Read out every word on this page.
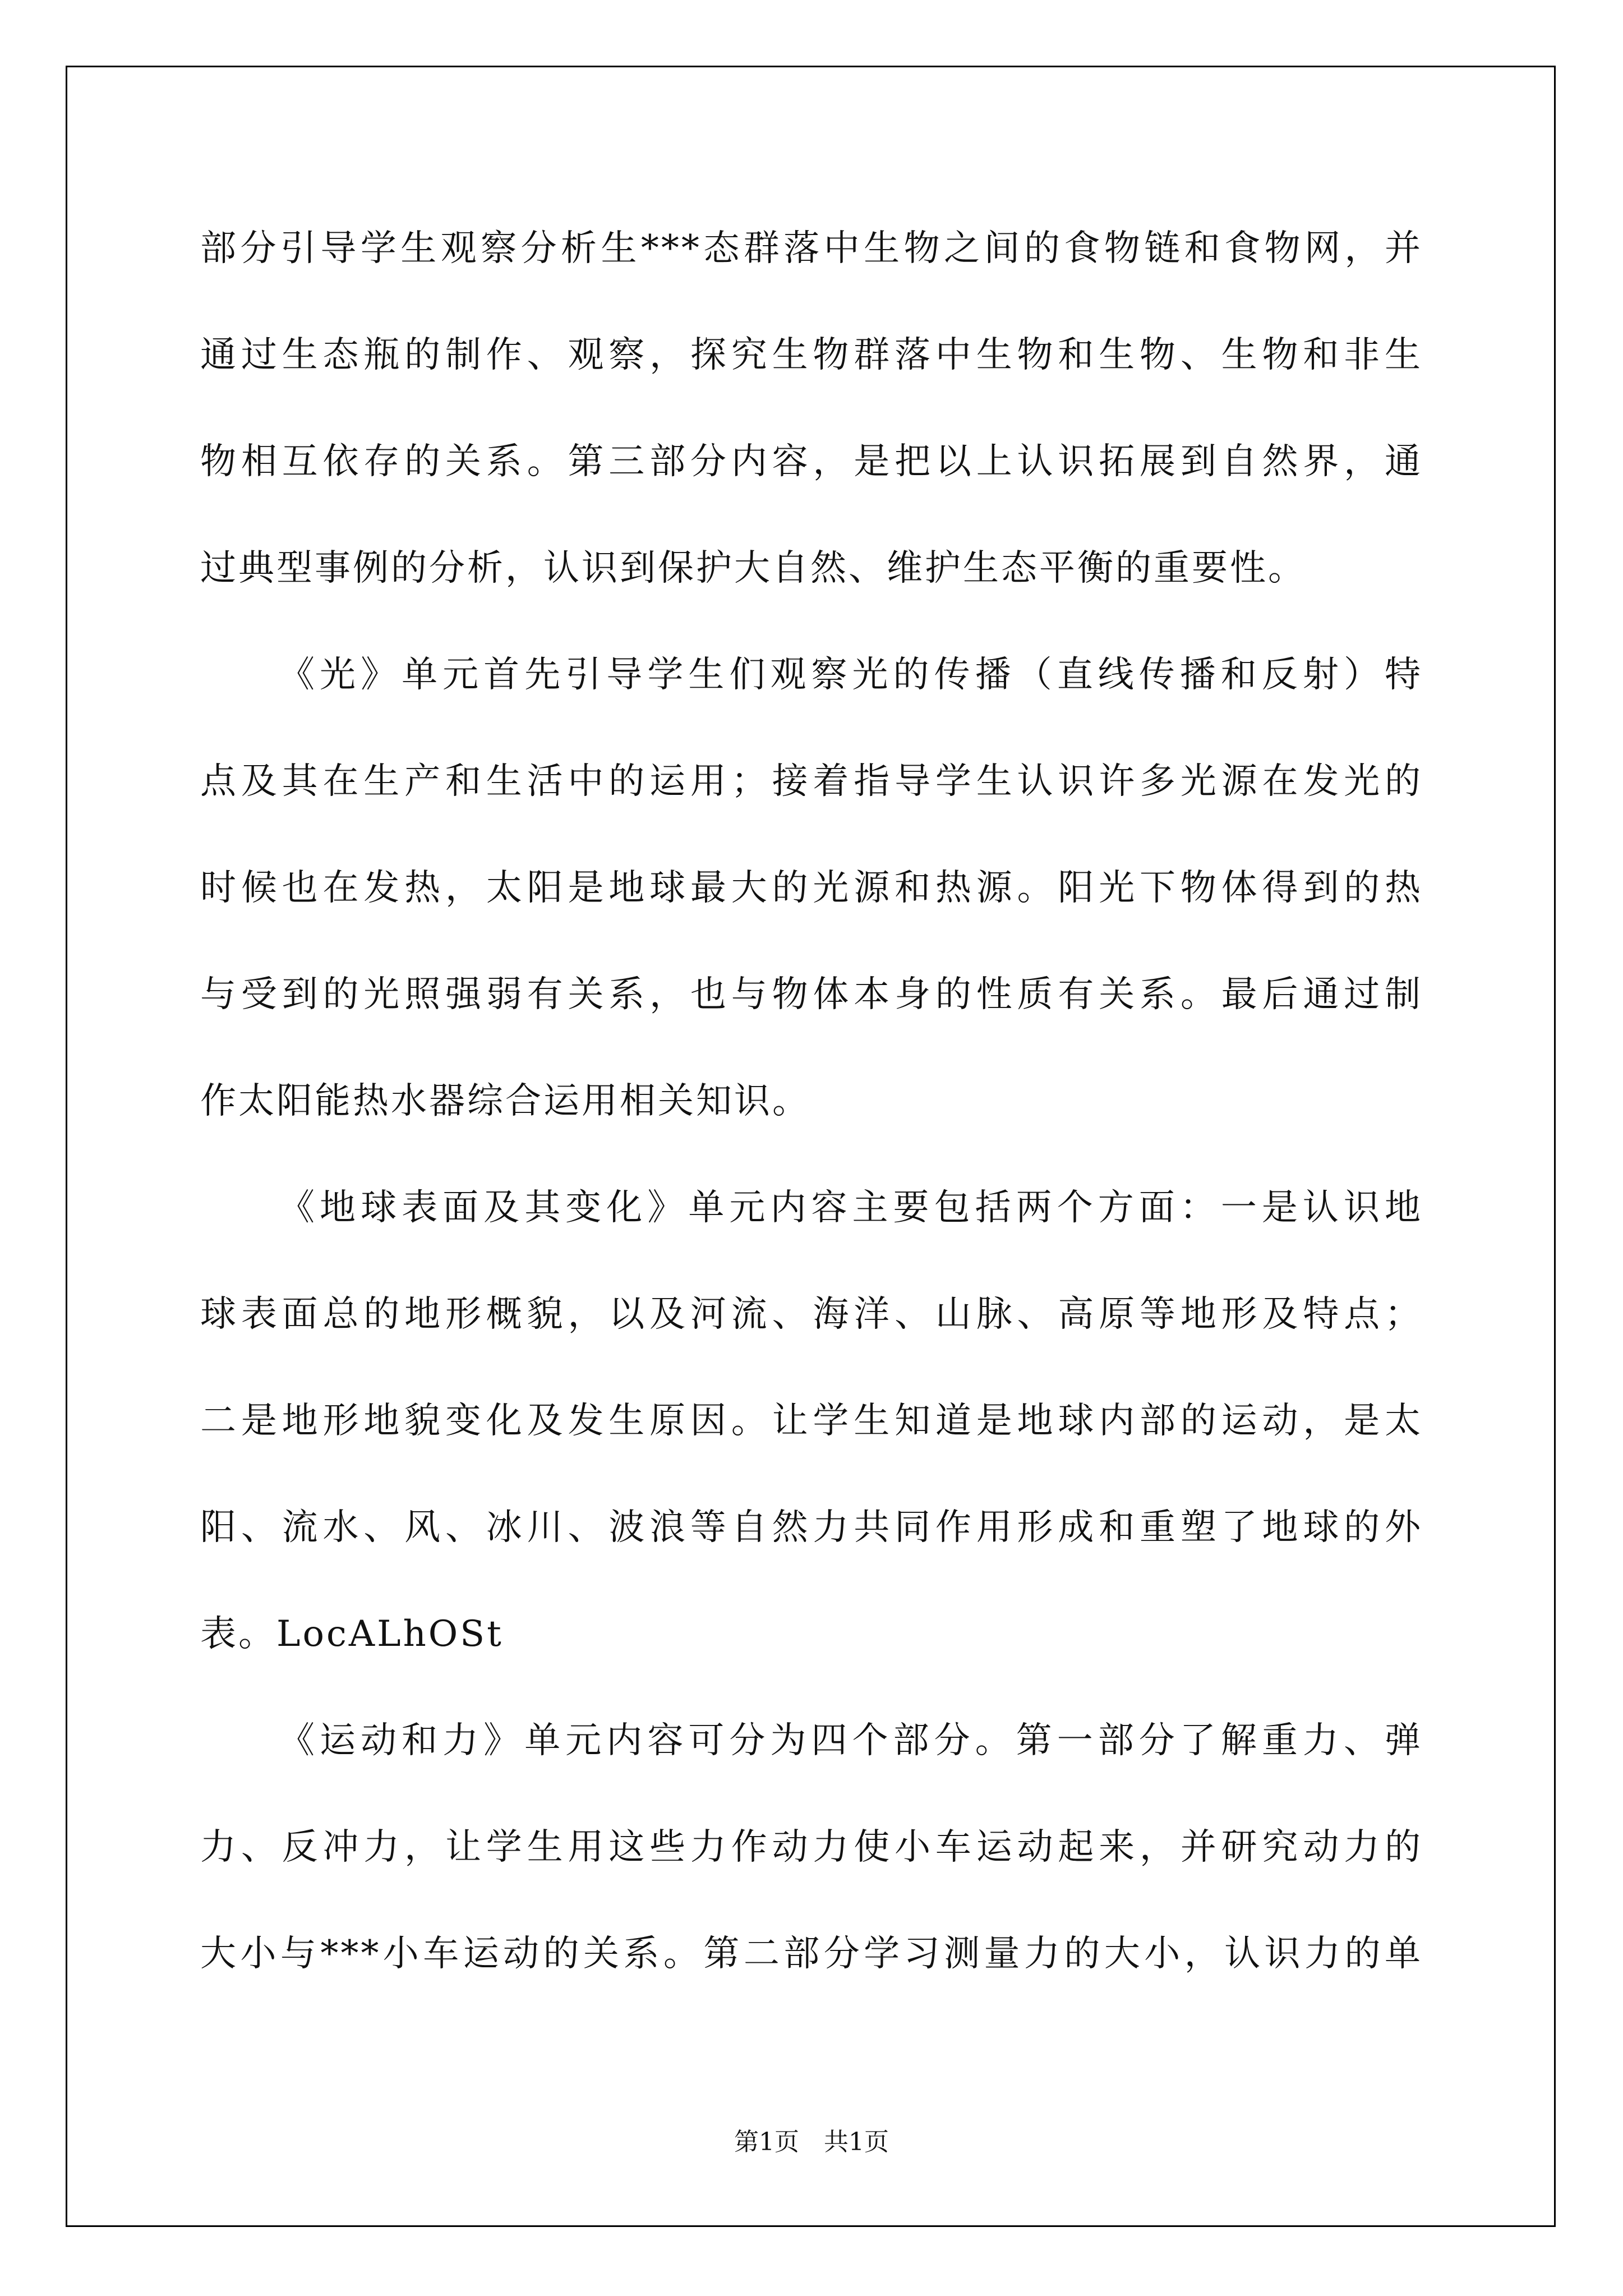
部分引导学生观察分析生***态群落中生物之间的食物链和食物网，并
通过生态瓶的制作、观察，探究生物群落中生物和生物、生物和非生
物相互依存的关系。第三部分内容，是把以上认识拓展到自然界，通
过典型事例的分析，认识到保护大自然、维护生态平衡的重要性。
《光》单元首先引导学生们观察光的传播（直线传播和反射）特
点及其在生产和生活中的运用；接着指导学生认识许多光源在发光的
时候也在发热，太阳是地球最大的光源和热源。阳光下物体得到的热
与受到的光照强弱有关系，也与物体本身的性质有关系。最后通过制
作太阳能热水器综合运用相关知识。
《地球表面及其变化》单元内容主要包括两个方面：一是认识地
球表面总的地形概貌，以及河流、海洋、山脉、高原等地形及特点；
二是地形地貌变化及发生原因。让学生知道是地球内部的运动，是太
阳、流水、风、冰川、波浪等自然力共同作用形成和重塑了地球的外
表。LocALhOSt
《运动和力》单元内容可分为四个部分。第一部分了解重力、弹
力、反冲力，让学生用这些力作动力使小车运动起来，并研究动力的
大小与***小车运动的关系。第二部分学习测量力的大小，认识力的单
第1页　共1页
